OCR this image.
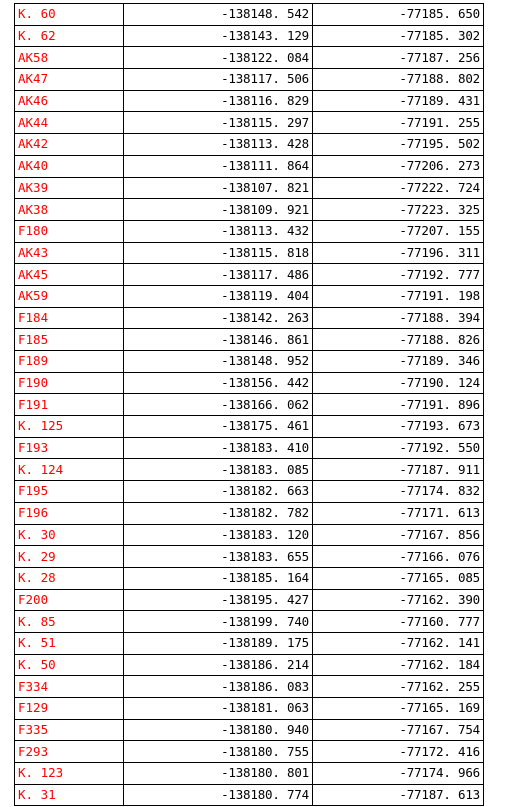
K. 60	-138148. 542	-77185. 650
K. 62	-138143. 129	-77185. 302
AK58	-138122. 084	-77187. 256
AK47	-138117. 506	-77188. 802
AK46	-138116. 829	-77189. 431
AK44	-138115. 297	-77191. 255
AK42	-138113. 428	-77195. 502
AK40	-138111. 864	-77206. 273
AK39	-138107. 821	-77222. 724
AK38	-138109. 921	-77223. 325
F180	-138113. 432	-77207. 155
AK43	-138115. 818	-77196. 311
AK45	-138117. 486	-77192. 777
AK59	-138119. 404	-77191. 198
F184	-138142. 263	-77188. 394
F185	-138146. 861	-77188. 826
F189	-138148. 952	-77189. 346
F190	-138156. 442	-77190. 124
F191	-138166. 062	-77191. 896
K. 125	-138175. 461	-77193. 673
F193	-138183. 410	-77192. 550
K. 124	-138183. 085	-77187. 911
F195	-138182. 663	-77174. 832
F196	-138182. 782	-77171. 613
K. 30	-138183. 120	-77167. 856
K. 29	-138183. 655	-77166. 076
K. 28	-138185. 164	-77165. 085
F200	-138195. 427	-77162. 390
K. 85	-138199. 740	-77160. 777
K. 51	-138189. 175	-77162. 141
K. 50	-138186. 214	-77162. 184
F334	-138186. 083	-77162. 255
F129	-138181. 063	-77165. 169
F335	-138180. 940	-77167. 754
F293	-138180. 755	-77172. 416
K. 123	-138180. 801	-77174. 966
K. 31	-138180. 774	-77187. 613
